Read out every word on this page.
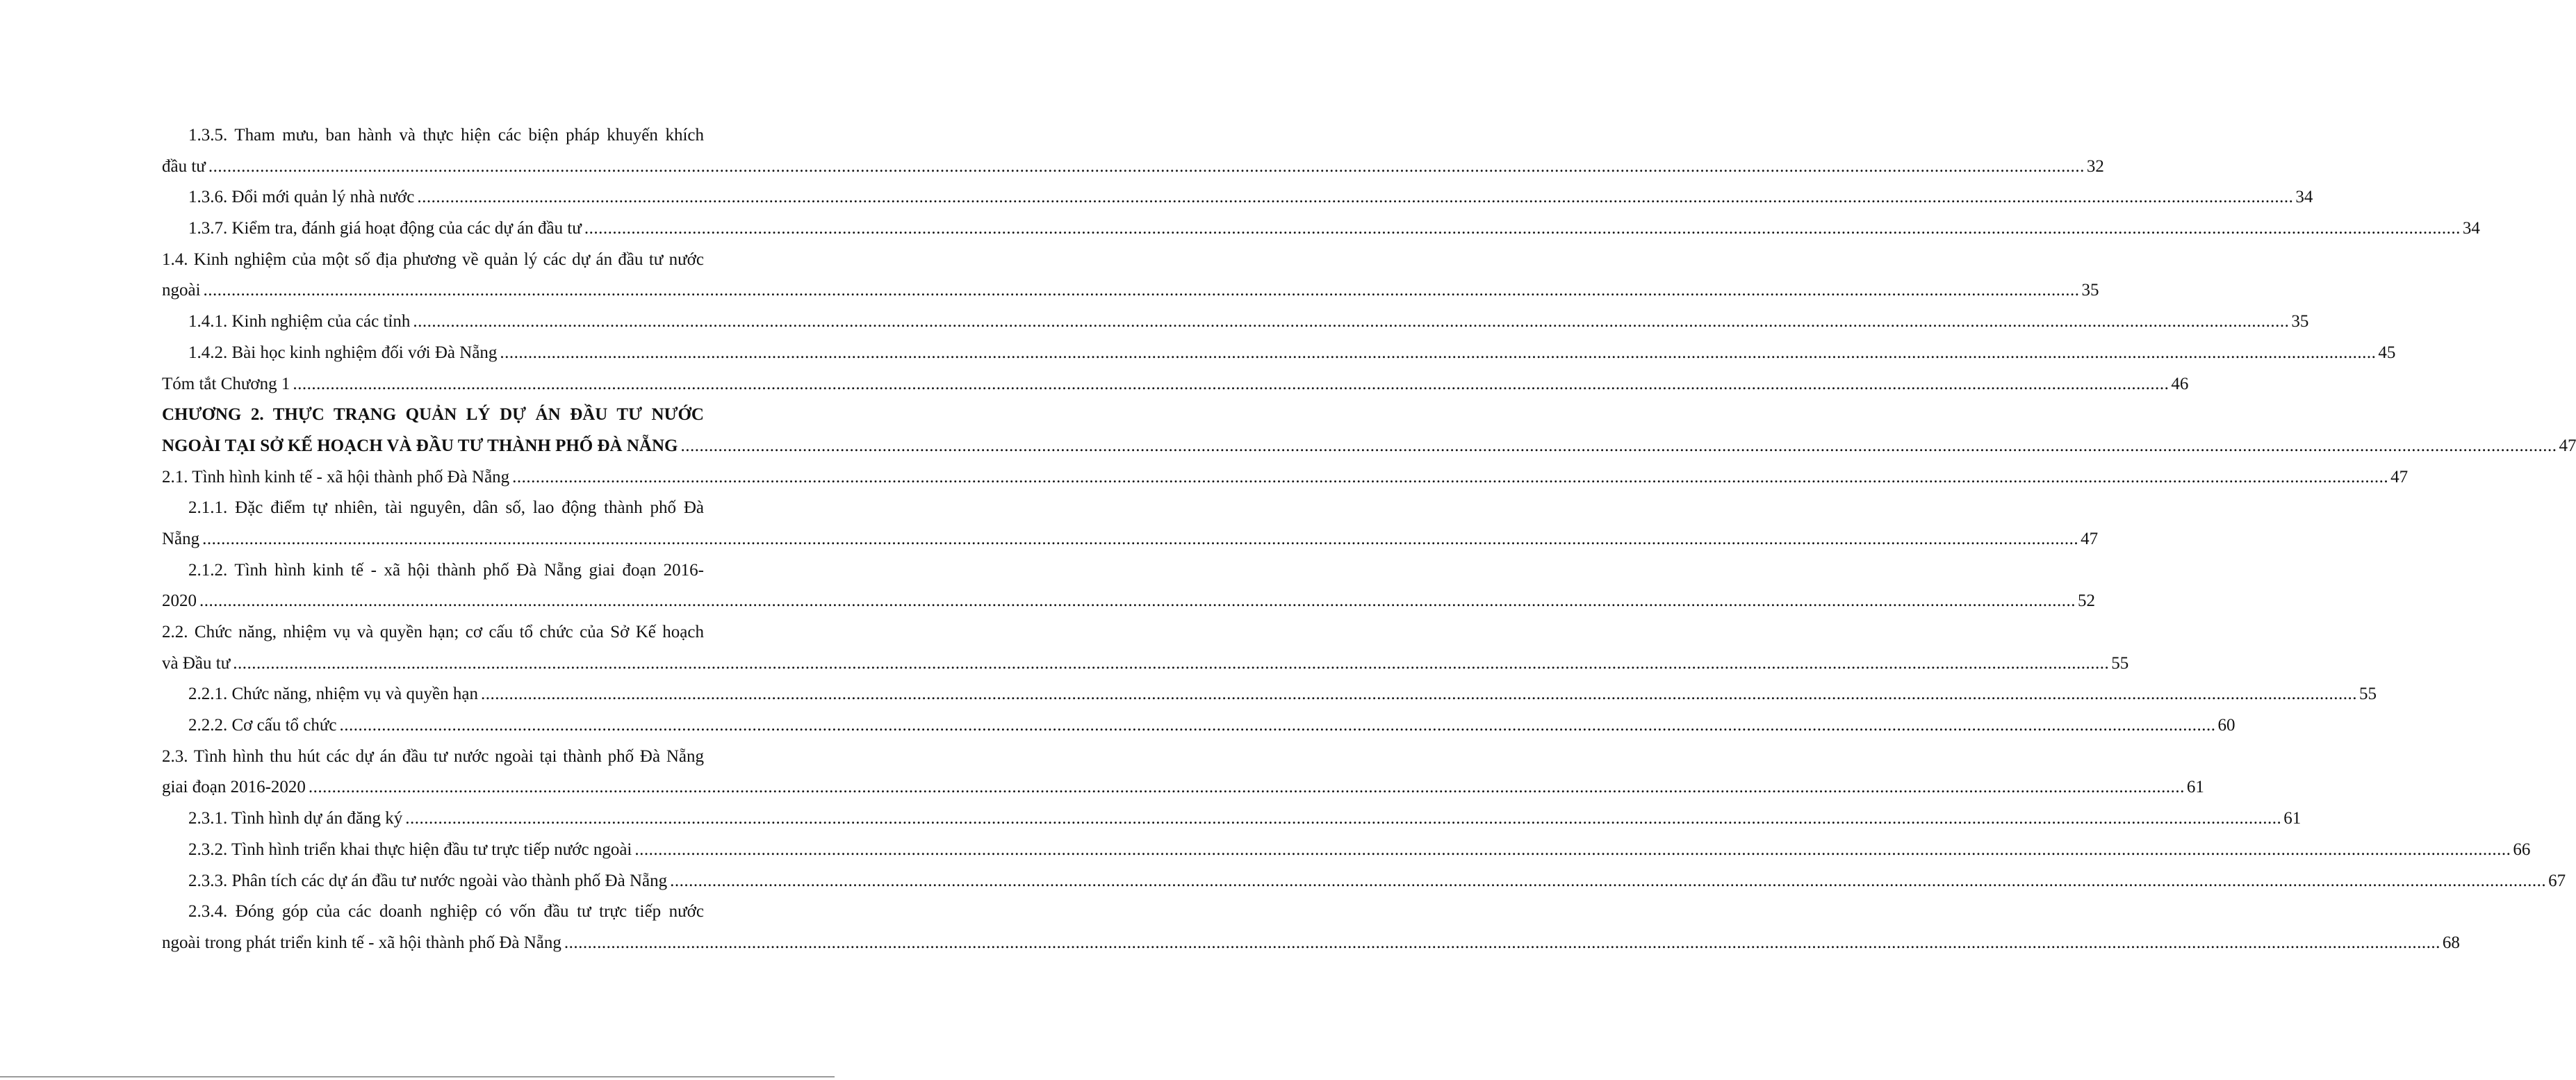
1.3.5. Tham mưu, ban hành và thực hiện các biện pháp khuyến khích
đầu tư ................................................................................................................................................................................................................................................................................................................................................................................................................ 32
1.3.6. Đổi mới quản lý nhà nước ................................................................................................................................................................................................................................................................................................................................................................................................................ 34
1.3.7. Kiểm tra, đánh giá hoạt động của các dự án đầu tư ................................................................................................................................................................................................................................................................................................................................................................................................................ 34
1.4. Kinh nghiệm của một số địa phương về quản lý các dự án đầu tư nước
ngoài ................................................................................................................................................................................................................................................................................................................................................................................................................ 35
1.4.1. Kinh nghiệm của các tỉnh ................................................................................................................................................................................................................................................................................................................................................................................................................ 35
1.4.2. Bài học kinh nghiệm đối với Đà Nẵng ................................................................................................................................................................................................................................................................................................................................................................................................................ 45
Tóm tắt Chương 1 ................................................................................................................................................................................................................................................................................................................................................................................................................ 46
CHƯƠNG 2. THỰC TRẠNG QUẢN LÝ DỰ ÁN ĐẦU TƯ NƯỚC
NGOÀI TẠI SỞ KẾ HOẠCH VÀ ĐẦU TƯ THÀNH PHỐ ĐÀ NẴNG ................................................................................................................................................................................................................................................................................................................................................................................................................ 47
2.1. Tình hình kinh tế - xã hội thành phố Đà Nẵng ................................................................................................................................................................................................................................................................................................................................................................................................................ 47
2.1.1. Đặc điểm tự nhiên, tài nguyên, dân số, lao động thành phố Đà
Nẵng ................................................................................................................................................................................................................................................................................................................................................................................................................ 47
2.1.2. Tình hình kinh tế - xã hội thành phố Đà Nẵng giai đoạn 2016-
2020 ................................................................................................................................................................................................................................................................................................................................................................................................................ 52
2.2. Chức năng, nhiệm vụ và quyền hạn; cơ cấu tổ chức của Sở Kế hoạch
và Đầu tư ................................................................................................................................................................................................................................................................................................................................................................................................................ 55
2.2.1. Chức năng, nhiệm vụ và quyền hạn ................................................................................................................................................................................................................................................................................................................................................................................................................ 55
2.2.2. Cơ cấu tổ chức ................................................................................................................................................................................................................................................................................................................................................................................................................ 60
2.3. Tình hình thu hút các dự án đầu tư nước ngoài tại thành phố Đà Nẵng
giai đoạn 2016-2020 ................................................................................................................................................................................................................................................................................................................................................................................................................ 61
2.3.1. Tình hình dự án đăng ký ................................................................................................................................................................................................................................................................................................................................................................................................................ 61
2.3.2. Tình hình triển khai thực hiện đầu tư trực tiếp nước ngoài ................................................................................................................................................................................................................................................................................................................................................................................................................ 66
2.3.3. Phân tích các dự án đầu tư nước ngoài vào thành phố Đà Nẵng ................................................................................................................................................................................................................................................................................................................................................................................................................ 67
2.3.4. Đóng góp của các doanh nghiệp có vốn đầu tư trực tiếp nước
ngoài trong phát triển kinh tế - xã hội thành phố Đà Nẵng ................................................................................................................................................................................................................................................................................................................................................................................................................ 68
